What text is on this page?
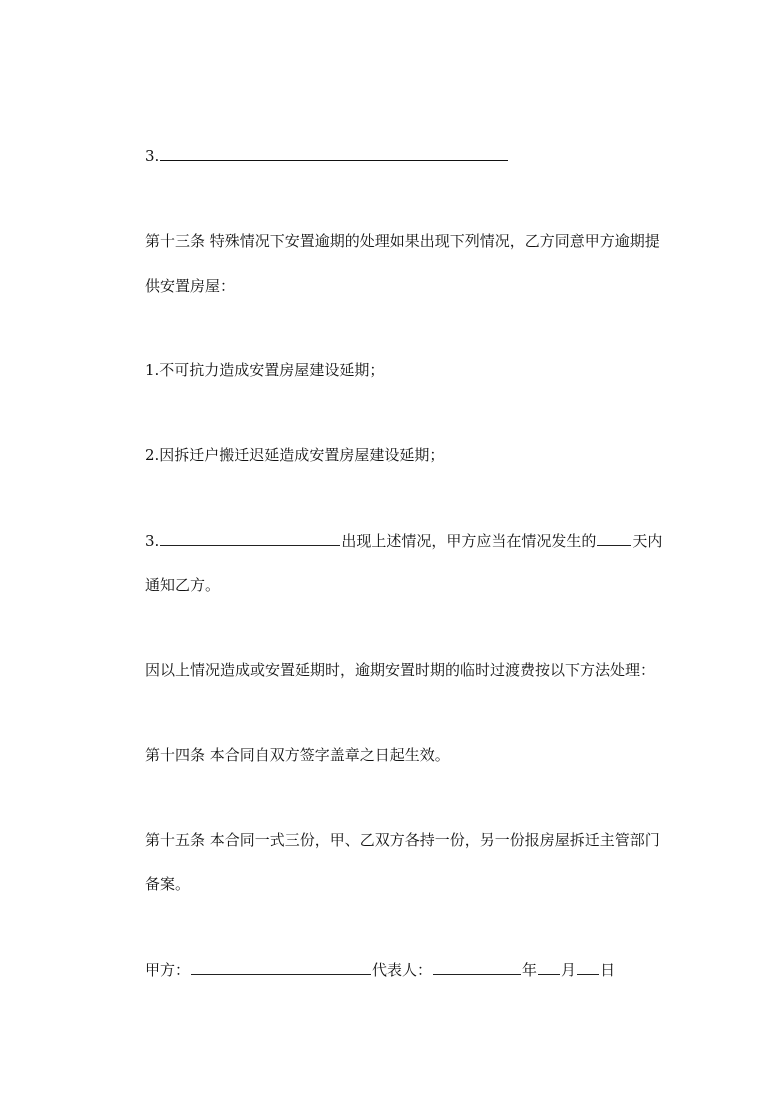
3.
第十三条 特殊情况下安置逾期的处理如果出现下列情况，乙方同意甲方逾期提
供安置房屋：
1.不可抗力造成安置房屋建设延期；
2.因拆迁户搬迁迟延造成安置房屋建设延期；
3.	出现上述情况，甲方应当在情况发生的 天内
通知乙方。
因以上情况造成或安置延期时，逾期安置时期的临时过渡费按以下方法处理：
第十四条 本合同自双方签字盖章之日起生效。
第十五条 本合同一式三份，甲、乙双方各持一份，另一份报房屋拆迁主管部门
备案。
甲方：	代表人：	年 月 日
